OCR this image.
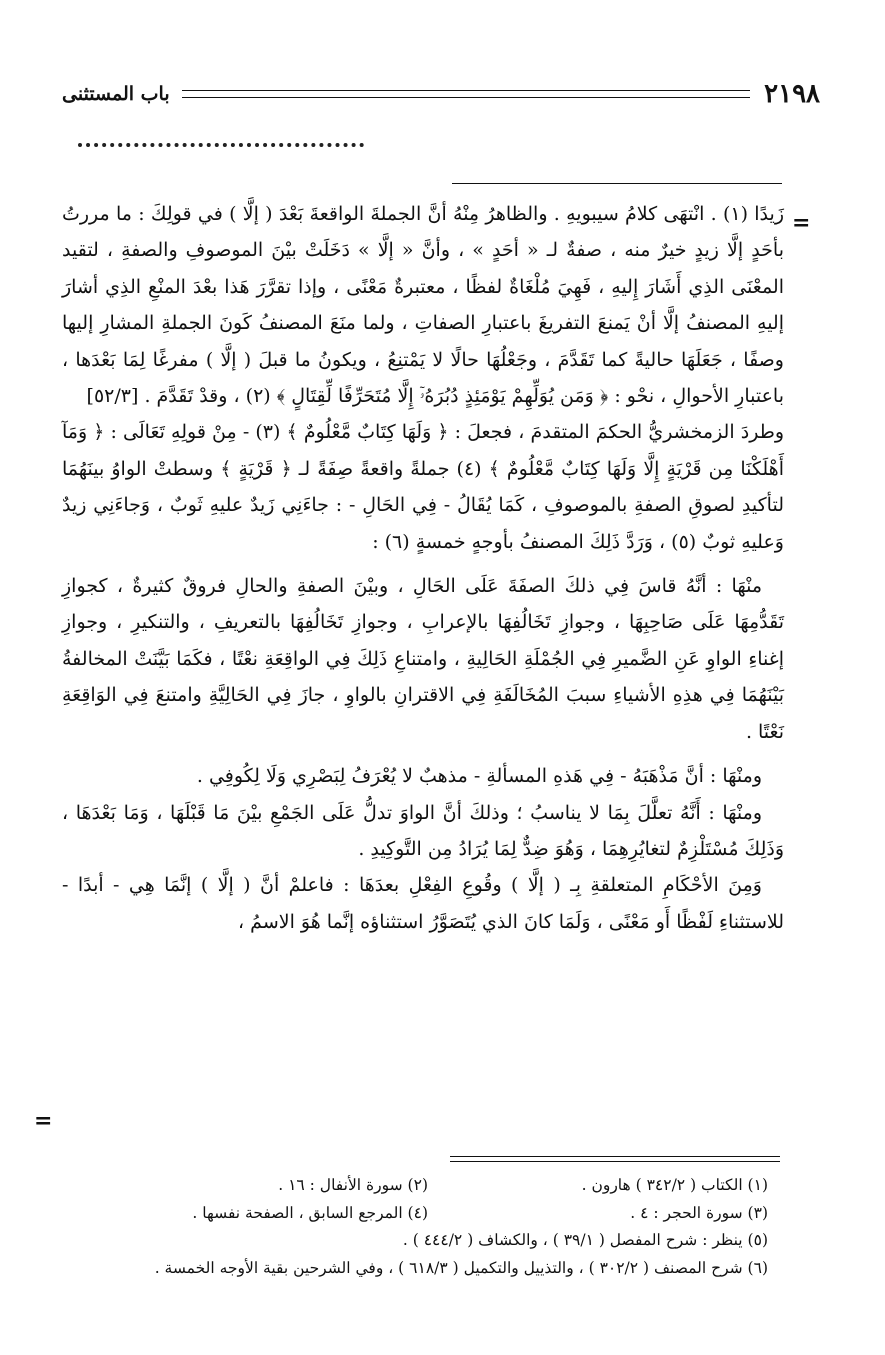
٢١٩٨
باب المستثنى
=
=

زَيدًا (١) . انْتهَى كلامُ سيبويهِ . والظاهرُ مِنْهُ أنَّ الجملةَ الواقعةَ بَعْدَ ( إلَّا ) في قولِكَ : ما مررتُ بأحَدٍ إلَّا زيدٍ خيرٌ منه ، صفةٌ لـ « أحَدٍ » ، وأنَّ « إلَّا » دَخَلَتْ بيْنَ الموصوفِ والصفةِ ، لتقيد المعْنَى الذِي أَشَارَ إِليهِ ، فَهِيَ مُلْغَاةٌ لفظًا ، معتبرةٌ مَعْنًى ، وإذا تقرَّرَ هَذا بعْدَ المنْعِ الذِي أشارَ إليهِ المصنفُ إلَّا أنْ يَمنعَ التفريغَ باعتبارِ الصفاتِ ، ولما منَعَ المصنفُ كَونَ الجملةِ المشارِ إليها وصفًا ، جَعَلَهَا حاليةً كما تَقَدَّمَ ، وجَعْلُهَا حالًا لا يَمْتنِعُ ، ويكونُ ما قبلَ ( إلَّا ) مفرغًا لِمَا بَعْدَها ، باعتبارِ الأحوالِ ، نحْو : ﴿ وَمَن يُوَلِّهِمْ يَوْمَئِذٍ دُبُرَهُۥٓ إِلَّا مُتَحَرِّفًا لِّقِتَالٍ ﴾ (٢) ، وقدْ تَقَدَّمَ . [٥٢/٣]

وطردَ الزمخشريُّ الحكمَ المتقدمَ ، فجعلَ : ﴿ وَلَهَا كِتَابٌ مَّعْلُومٌ ﴾ (٣) - مِنْ قولِهِ تَعَالَى : ﴿ وَمَآ أَهْلَكْنَا مِن قَرْيَةٍ إِلَّا وَلَهَا كِتَابٌ مَّعْلُومٌ ﴾ (٤) جملةً واقعةً صِفَةً لـ ﴿ قَرْيَةٍ ﴾ وسطتْ الواوُ بينَهُمَا لتأكيدِ لصوقِ الصفةِ بالموصوفِ ، كَمَا يُقَالُ - فِي الحَالِ - : جاءَنِي زَيدٌ عليهِ ثَوبٌ ، وَجاءَنِي زيدٌ وَعليهِ ثوبٌ (٥) ، وَرَدَّ ذَلِكَ المصنفُ بأوجهٍ خمسةٍ (٦) :

منْهَا : أنَّهُ قاسَ فِي ذلكَ الصفَةَ عَلَى الحَالِ ، وبيْنَ الصفةِ والحالِ فروقٌ كثيرةٌ ، كجوازِ تَقَدُّمِهَا عَلَى صَاحِبِهَا ، وجوازِ تَخَالُفِهَا بالإعرابِ ، وجوازِ تَخَالُفِهَا بالتعريفِ ، والتنكيرِ ، وجوازِ إغناءِ الواوِ عَنِ الضَّميرِ فِي الجُمْلَةِ الحَالِيةِ ، وامتناعِ ذَلِكَ فِي الواقِعَةِ نعْتًا ، فكَمَا بَيَّنَتْ المخالفةُ بَيْنَهُمَا فِي هذِهِ الأشياءِ سببَ المُخَالَفَةِ فِي الاقترانِ بالواوِ ، جازَ فِي الحَالِيَّةِ وامتنعَ فِي الوَاقِعَةِ نَعْتًا .

ومنْهَا : أنَّ مَذْهَبَهُ - فِي هَذهِ المسألةِ - مذهبٌ لا يُعْرَفُ لِبَصْرِي وَلَا لِكُوفِي .

ومنْهَا : أَنَّهُ تعلَّلَ بِمَا لا يناسبُ ؛ وذلكَ أنَّ الواوَ تدلُّ عَلَى الجَمْعِ بيْنَ مَا قَبْلَهَا ، وَمَا بَعْدَهَا ، وَذَلِكَ مُسْتَلْزِمٌ لتغايُرِهِمَا ، وَهُوَ ضِدٌّ لِمَا يُرَادُ مِن التَّوكِيدِ .

وَمِنَ الأحْكَامِ المتعلقةِ بِـ ( إلَّا ) وقُوعِ الفِعْلِ بعدَهَا : فاعلمْ أنَّ ( إلَّا ) إنَّمَا هِي - أبدًا - للاستثناءِ لَفْظًا أَو مَعْنًى ، وَلَمَا كانَ الذي يُتَصَوَّرُ استثناؤه إنَّما هُوَ الاسمُ ،

(١) الكتاب ( ٣٤٢/٢ ) هارون .
(٢) سورة الأنفال : ١٦ .
(٣) سورة الحجر : ٤ .
(٤) المرجع السابق ، الصفحة نفسها .
(٥) ينظر : شرح المفصل ( ٣٩/١ ) ، والكشاف ( ٤٤٤/٢ ) .
(٦) شرح المصنف ( ٣٠٢/٢ ) ، والتذييل والتكميل ( ٦١٨/٣ ) ، وفي الشرحين بقية الأوجه الخمسة .
